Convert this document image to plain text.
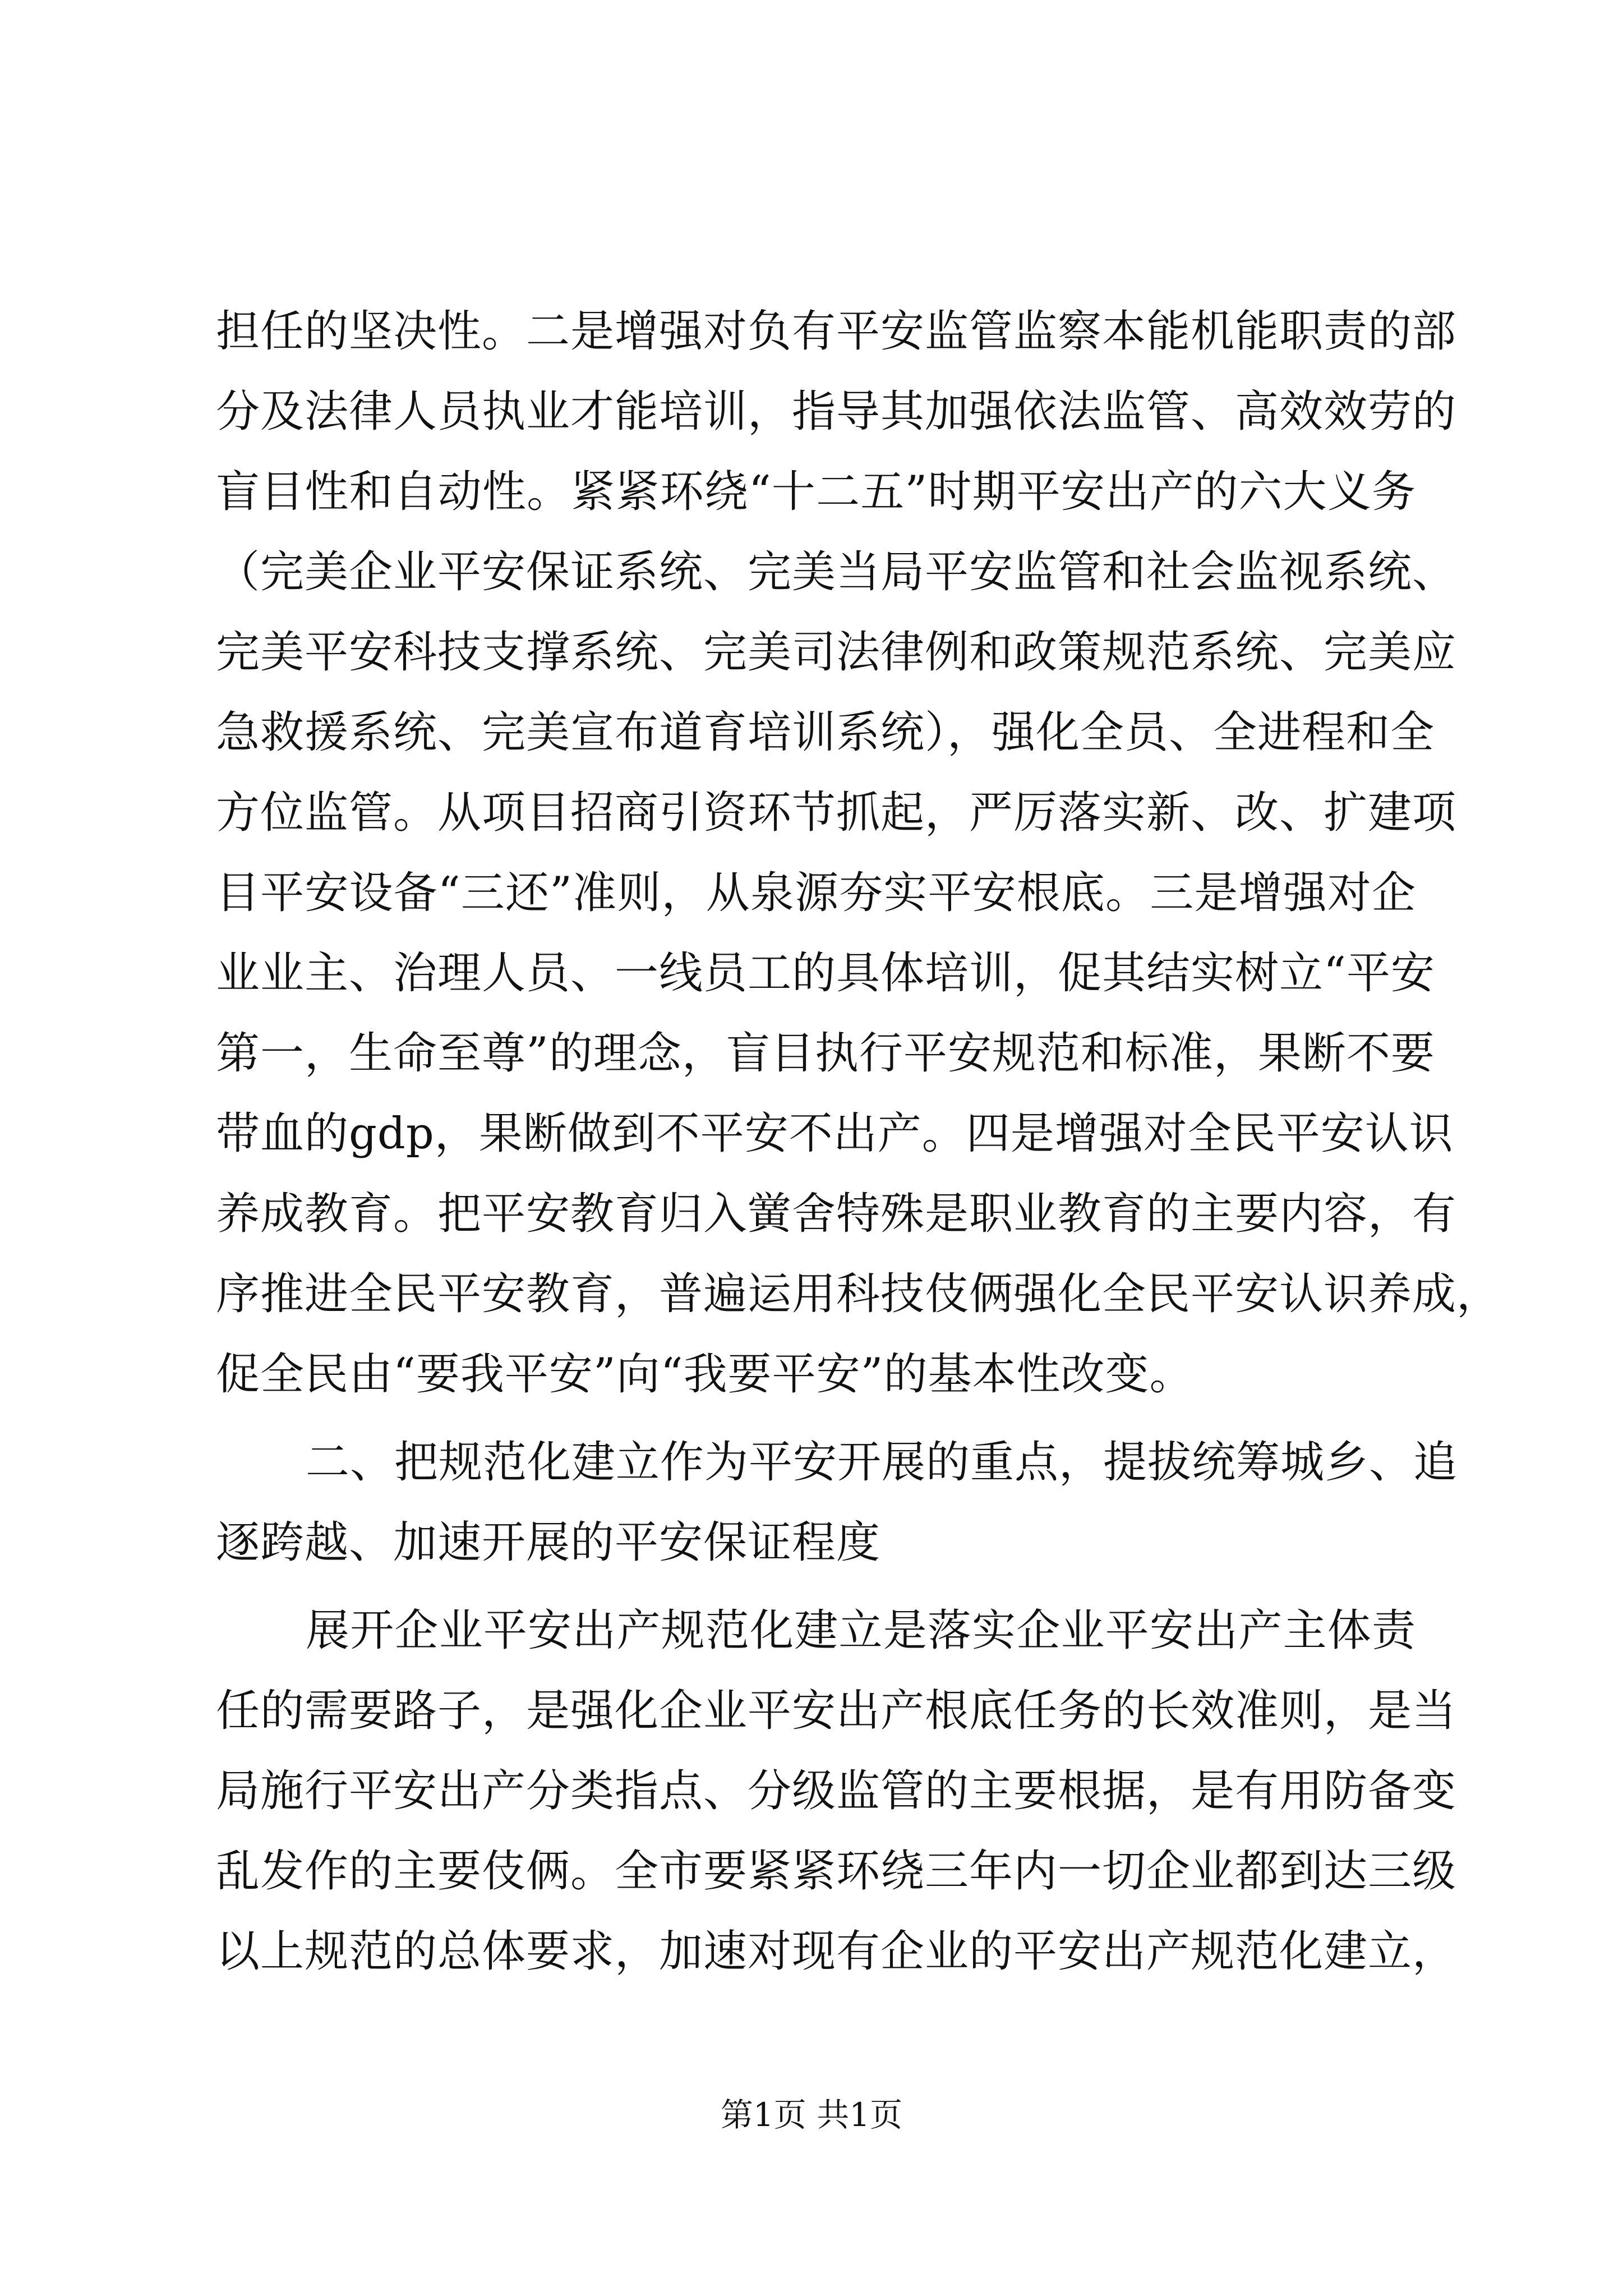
担任的坚决性。二是增强对负有平安监管监察本能机能职责的部
分及法律人员执业才能培训，指导其加强依法监管、高效效劳的
盲目性和自动性。紧紧环绕“十二五”时期平安出产的六大义务
（完美企业平安保证系统、完美当局平安监管和社会监视系统、
完美平安科技支撑系统、完美司法律例和政策规范系统、完美应
急救援系统、完美宣布道育培训系统），强化全员、全进程和全
方位监管。从项目招商引资环节抓起，严厉落实新、改、扩建项
目平安设备“三还”准则，从泉源夯实平安根底。三是增强对企
业业主、治理人员、一线员工的具体培训，促其结实树立“平安
第一，生命至尊”的理念，盲目执行平安规范和标准，果断不要
带血的gdp，果断做到不平安不出产。四是增强对全民平安认识
养成教育。把平安教育归入黉舍特殊是职业教育的主要内容，有
序推进全民平安教育，普遍运用科技伎俩强化全民平安认识养成，
促全民由“要我平安”向“我要平安”的基本性改变。
二、把规范化建立作为平安开展的重点，提拔统筹城乡、追
逐跨越、加速开展的平安保证程度
展开企业平安出产规范化建立是落实企业平安出产主体责
任的需要路子，是强化企业平安出产根底任务的长效准则，是当
局施行平安出产分类指点、分级监管的主要根据，是有用防备变
乱发作的主要伎俩。全市要紧紧环绕三年内一切企业都到达三级
以上规范的总体要求，加速对现有企业的平安出产规范化建立，
第1页 共1页
